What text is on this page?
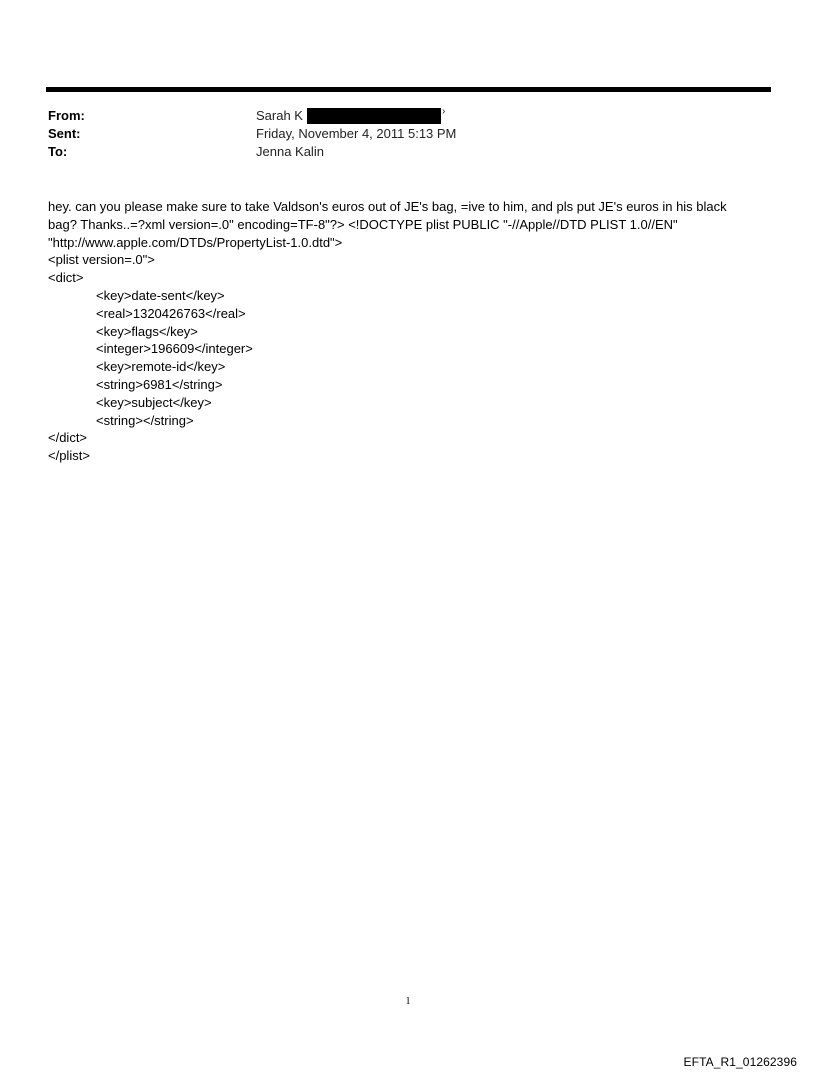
From:	Sarah K	›
Sent:	Friday, November 4, 2011 5:13 PM
To:	Jenna Kalin
hey. can you please make sure to take Valdson's euros out of JE's bag, =ive to him, and pls put JE's euros in his black
bag? Thanks..=?xml version=.0" encoding=TF-8"?> <!DOCTYPE plist PUBLIC "-//Apple//DTD PLIST 1.0//EN"
"http://www.apple.com/DTDs/PropertyList-1.0.dtd">
<plist version=.0">
<dict>
<key>date-sent</key>
<real>1320426763</real>
<key>flags</key>
<integer>196609</integer>
<key>remote-id</key>
<string>6981</string>
<key>subject</key>
<string></string>
</dict>
</plist>
1
EFTA_R1_01262396
